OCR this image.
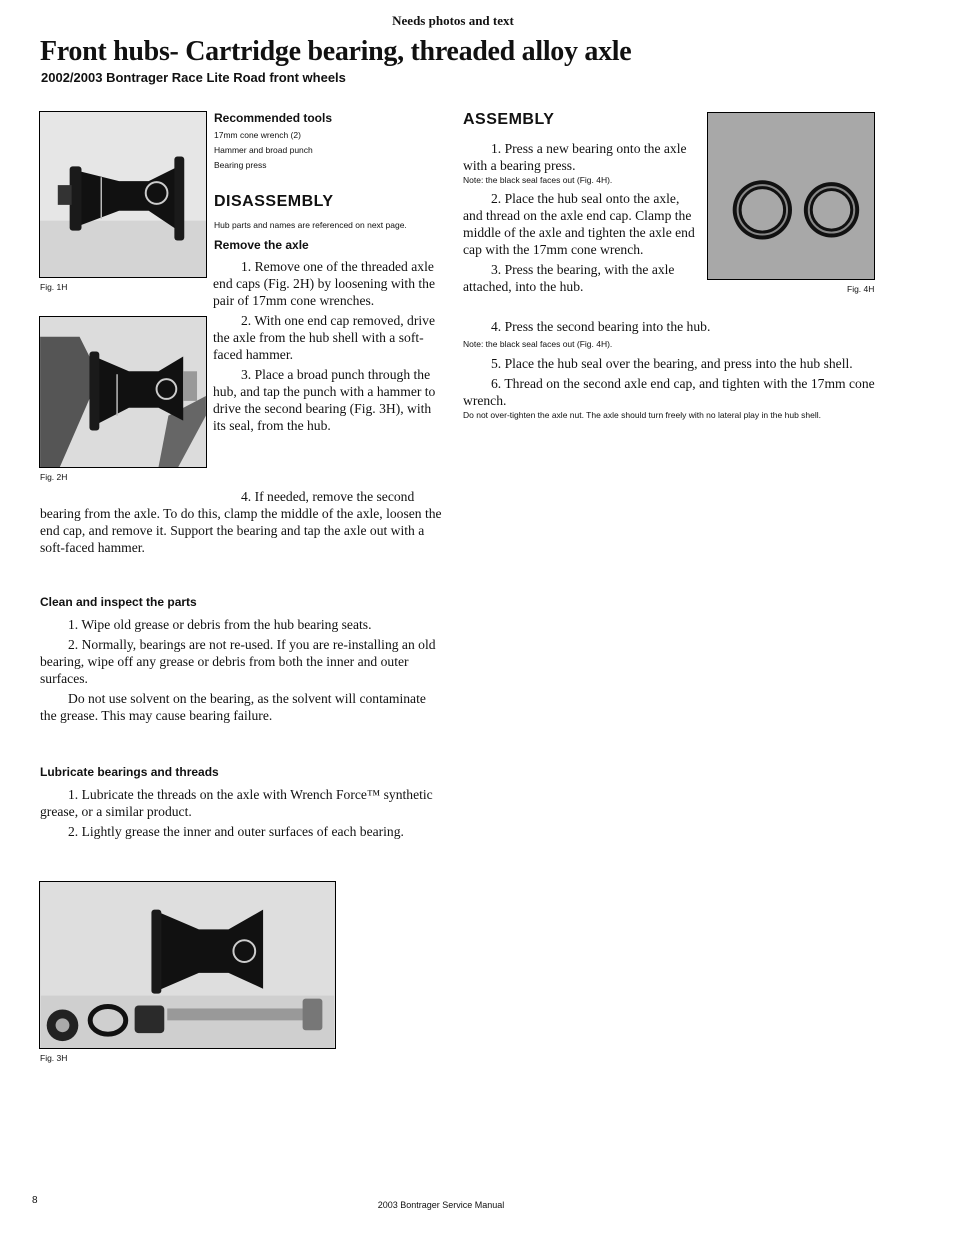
Needs photos and text
Front hubs- Cartridge bearing, threaded alloy axle
2002/2003 Bontrager Race Lite Road front wheels
Fig. 1H
Fig. 2H
Recommended tools
17mm cone wrench (2)
Hammer and broad punch
Bearing press
DISASSEMBLY
Hub parts and names are referenced on next page.
Remove the axle

1. Remove one of the threaded axle end caps (Fig. 2H) by loosening with the pair of 17mm cone wrenches.

2. With one end cap removed, drive the axle from the hub shell with a soft-faced hammer.

3. Place a broad punch through the hub, and tap the punch with a hammer to drive the second bearing (Fig. 3H), with its seal, from the hub.

4. If needed, remove the second bearing from the axle. To do this, clamp the middle of the axle, loosen the end cap, and remove it. Support the bearing and tap the axle out with a soft-faced hammer.

Clean and inspect the parts

1. Wipe old grease or debris from the hub bearing seats.

2. Normally, bearings are not re-used. If you are re-installing an old bearing, wipe off any grease or debris from both the inner and outer surfaces.

Do not use solvent on the bearing, as the solvent will contaminate the grease. This may cause bearing failure.

Lubricate bearings and threads

1. Lubricate the threads on the axle with Wrench Force™ synthetic grease, or a similar product.

2. Lightly grease the inner and outer surfaces of each bearing.

Fig. 3H
Fig. 4H
ASSEMBLY

1. Press a new bearing onto the axle with a bearing press.

Note: the black seal faces out (Fig. 4H).

2. Place the hub seal onto the axle, and thread on the axle end cap. Clamp the middle of the axle and tighten the axle end cap with the 17mm cone wrench.

3. Press the bearing, with the axle attached, into the hub.

4. Press the second bearing into the hub.

Note: the black seal faces out (Fig. 4H).

5. Place the hub seal over the bearing, and press into the hub shell.

6. Thread on the second axle end cap, and tighten with the 17mm cone wrench.

Do not over-tighten the axle nut. The axle should turn freely with no lateral play in the hub shell.
8	2003 Bontrager Service Manual
